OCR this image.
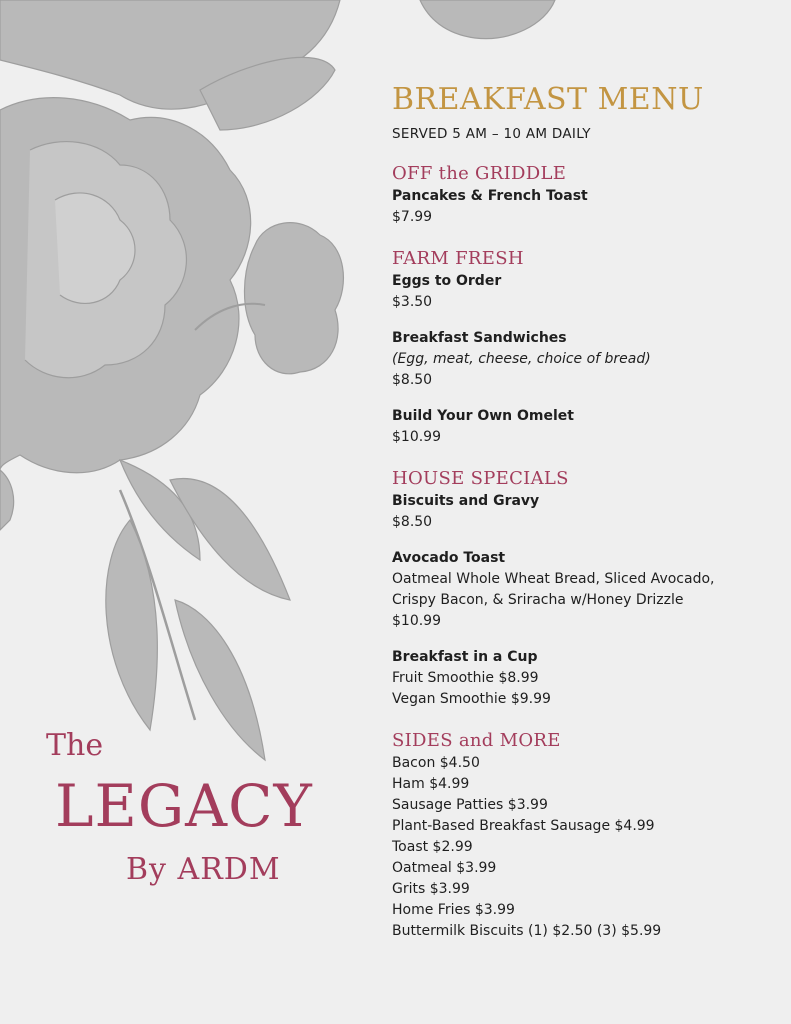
The
LEGACY
By ARDM
BREAKFAST MENU
SERVED 5 AM – 10 AM DAILY
OFF the GRIDDLE
Pancakes & French Toast
$7.99
FARM FRESH
Eggs to Order
$3.50
Breakfast Sandwiches
(Egg, meat, cheese, choice of bread)
$8.50
Build Your Own Omelet
$10.99
HOUSE SPECIALS
Biscuits and Gravy
$8.50
Avocado Toast
Oatmeal Whole Wheat Bread, Sliced Avocado,
Crispy Bacon, & Sriracha w/Honey Drizzle
$10.99
Breakfast in a Cup
Fruit Smoothie $8.99
Vegan Smoothie $9.99
SIDES and MORE
Bacon $4.50
Ham $4.99
Sausage Patties $3.99
Plant-Based Breakfast Sausage $4.99
Toast $2.99
Oatmeal $3.99
Grits $3.99
Home Fries $3.99
Buttermilk Biscuits (1) $2.50 (3) $5.99
